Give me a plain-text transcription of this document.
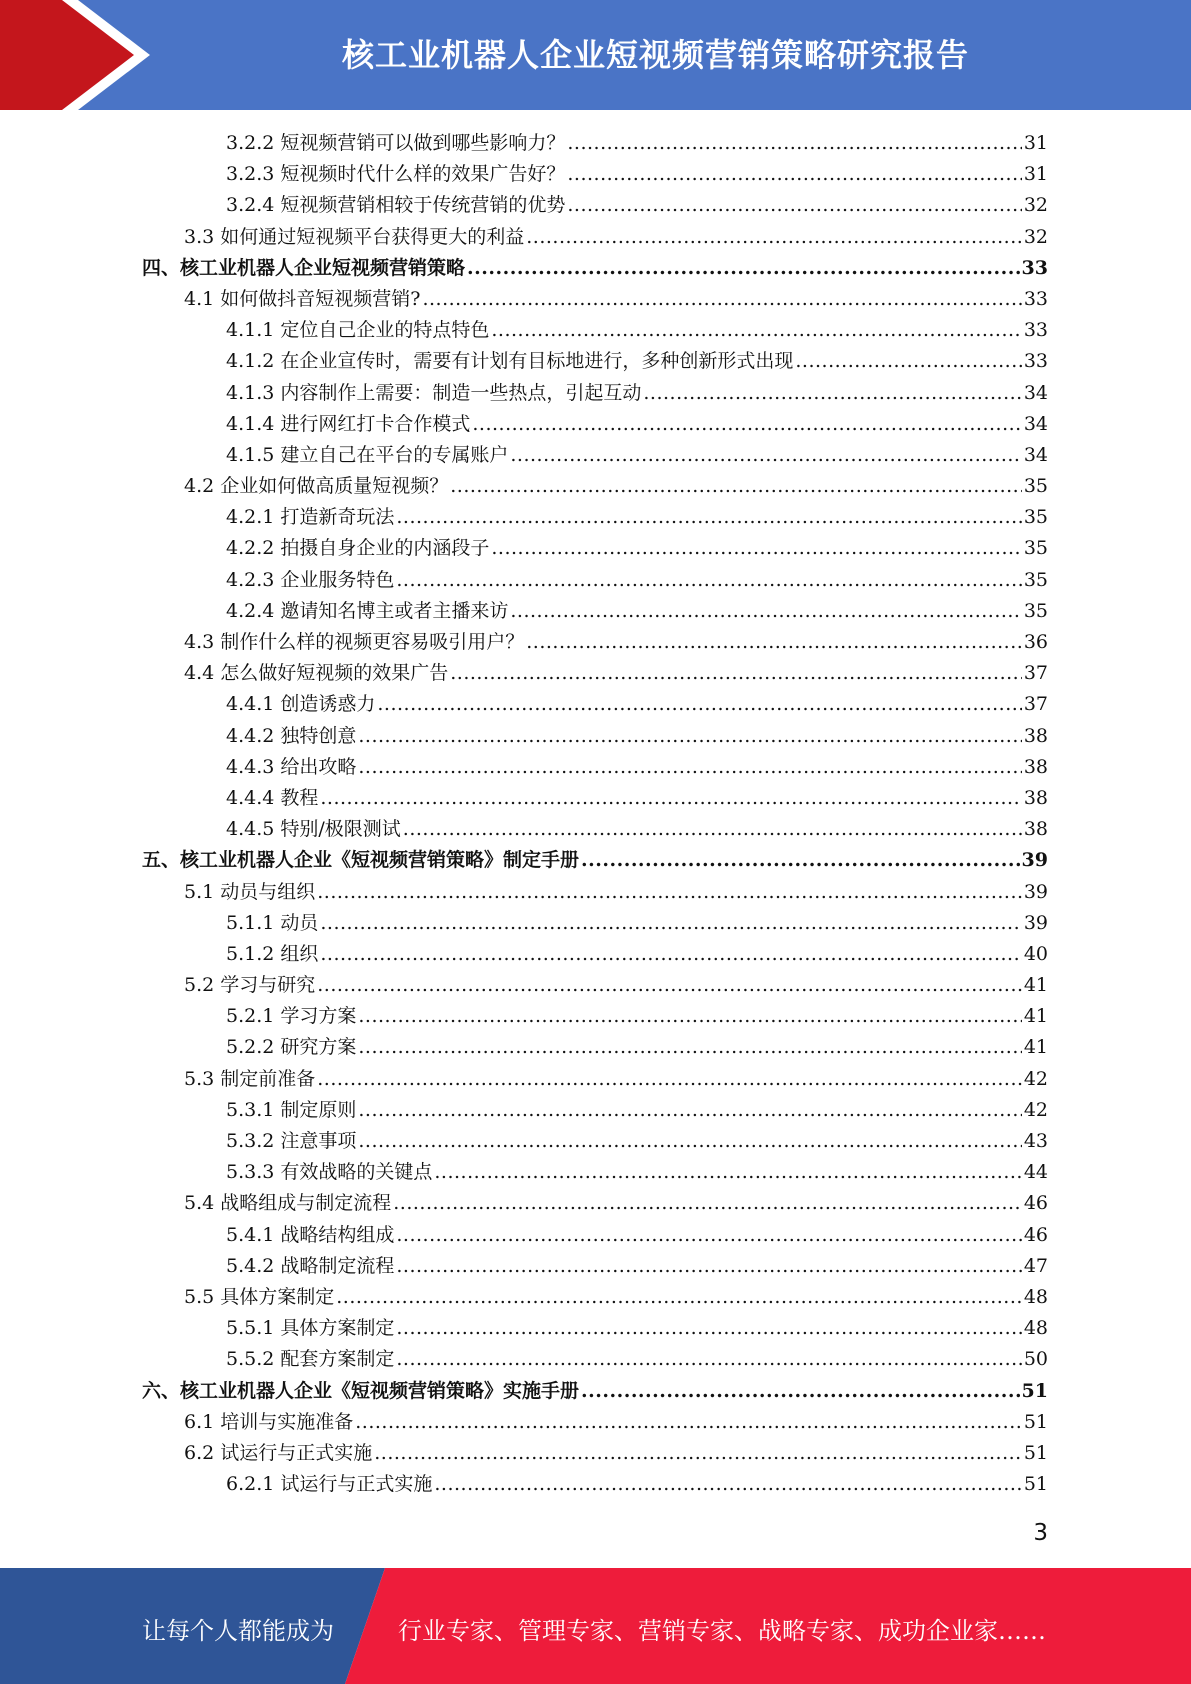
核工业机器人企业短视频营销策略研究报告
3.2.2 短视频营销可以做到哪些影响力？ .....	31
3.2.3 短视频时代什么样的效果广告好？ .....	31
3.2.4 短视频营销相较于传统营销的优势 .....	32
3.3 如何通过短视频平台获得更大的利益 .....	32
四、核工业机器人企业短视频营销策略 .....	33
4.1 如何做抖音短视频营销? .....	33
4.1.1 定位自己企业的特点特色 .....	33
4.1.2 在企业宣传时，需要有计划有目标地进行，多种创新形式出现 .....	33
4.1.3 内容制作上需要：制造一些热点，引起互动 .....	34
4.1.4 进行网红打卡合作模式 .....	34
4.1.5 建立自己在平台的专属账户 .....	34
4.2 企业如何做高质量短视频？ .....	35
4.2.1 打造新奇玩法 .....	35
4.2.2 拍摄自身企业的内涵段子 .....	35
4.2.3 企业服务特色 .....	35
4.2.4 邀请知名博主或者主播来访 .....	35
4.3 制作什么样的视频更容易吸引用户？ .....	36
4.4 怎么做好短视频的效果广告 .....	37
4.4.1 创造诱惑力 .....	37
4.4.2 独特创意 .....	38
4.4.3 给出攻略 .....	38
4.4.4 教程 .....	38
4.4.5 特别/极限测试 .....	38
五、核工业机器人企业《短视频营销策略》制定手册 .....	39
5.1 动员与组织 .....	39
5.1.1 动员 .....	39
5.1.2 组织 .....	40
5.2 学习与研究 .....	41
5.2.1 学习方案 .....	41
5.2.2 研究方案 .....	41
5.3 制定前准备 .....	42
5.3.1 制定原则 .....	42
5.3.2 注意事项 .....	43
5.3.3 有效战略的关键点 .....	44
5.4 战略组成与制定流程 .....	46
5.4.1 战略结构组成 .....	46
5.4.2 战略制定流程 .....	47
5.5 具体方案制定 .....	48
5.5.1 具体方案制定 .....	48
5.5.2 配套方案制定 .....	50
六、核工业机器人企业《短视频营销策略》实施手册 .....	51
6.1 培训与实施准备 .....	51
6.2 试运行与正式实施 .....	51
6.2.1 试运行与正式实施 .....	51
3
让每个人都能成为	行业专家、管理专家、营销专家、战略专家、成功企业家……
